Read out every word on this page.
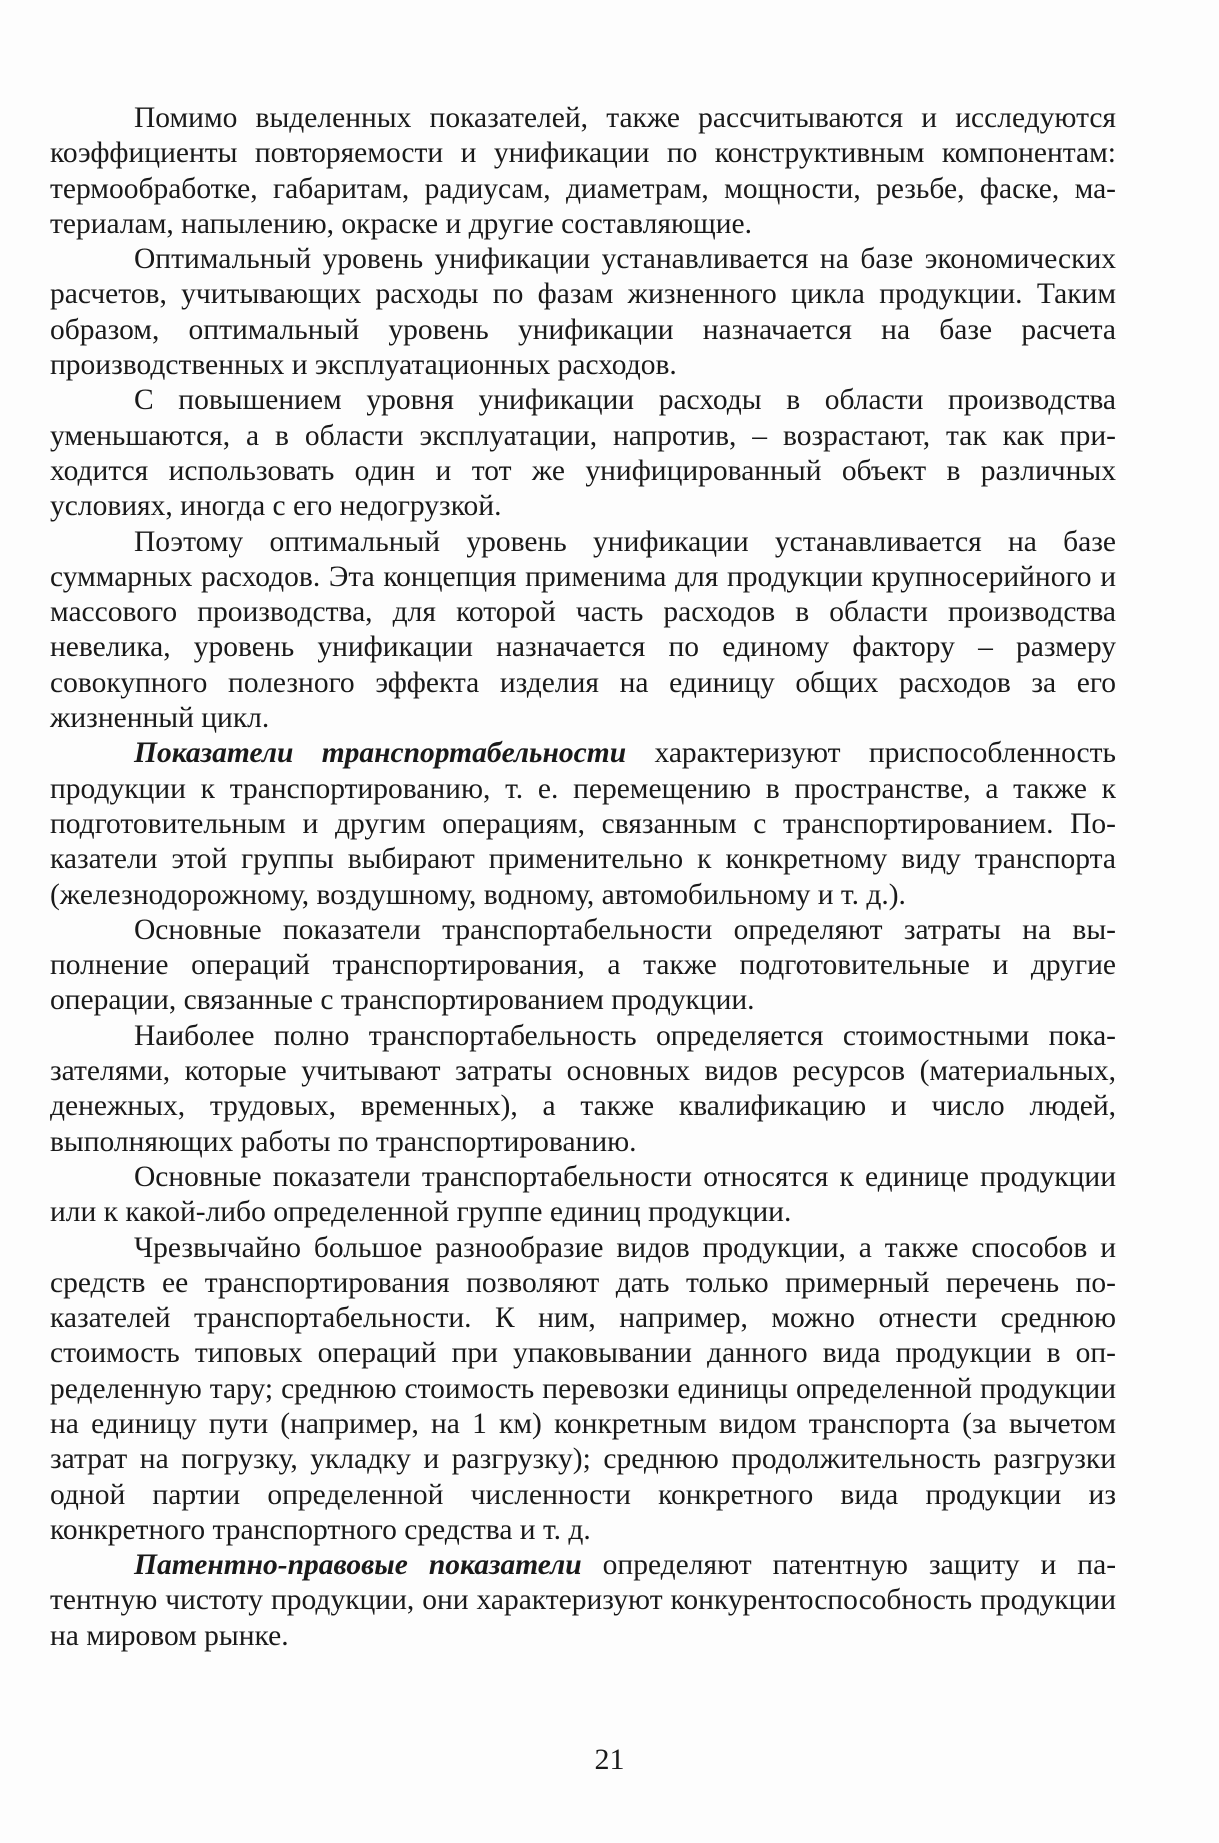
Помимо выделенных показателей, также рассчитываются и исследуются коэффициенты повторяемости и унификации по конструктивным компонентам: термообработке, габаритам, радиусам, диаметрам, мощности, резьбе, фаске, материалам, напылению, окраске и другие составляющие.

Оптимальный уровень унификации устанавливается на базе экономических расчетов, учитывающих расходы по фазам жизненного цикла продукции. Таким образом, оптимальный уровень унификации назначается на базе расчета производственных и эксплуатационных расходов.

С повышением уровня унификации расходы в области производства уменьшаются, а в области эксплуатации, напротив, – возрастают, так как приходится использовать один и тот же унифицированный объект в различных условиях, иногда с его недогрузкой.

Поэтому оптимальный уровень унификации устанавливается на базе суммарных расходов. Эта концепция применима для продукции крупносерийного и массового производства, для которой часть расходов в области производства невелика, уровень унификации назначается по единому фактору – размеру совокупного полезного эффекта изделия на единицу общих расходов за его жизненный цикл.

Показатели транспортабельности характеризуют приспособленность продукции к транспортированию, т. е. перемещению в пространстве, а также к подготовительным и другим операциям, связанным с транспортированием. Показатели этой группы выбирают применительно к конкретному виду транспорта (железнодорожному, воздушному, водному, автомобильному и т. д.).

Основные показатели транспортабельности определяют затраты на выполнение операций транспортирования, а также подготовительные и другие операции, связанные с транспортированием продукции.

Наиболее полно транспортабельность определяется стоимостными показателями, которые учитывают затраты основных видов ресурсов (материальных, денежных, трудовых, временных), а также квалификацию и число людей, выполняющих работы по транспортированию.

Основные показатели транспортабельности относятся к единице продукции или к какой-либо определенной группе единиц продукции.

Чрезвычайно большое разнообразие видов продукции, а также способов и средств ее транспортирования позволяют дать только примерный перечень показателей транспортабельности. К ним, например, можно отнести среднюю стоимость типовых операций при упаковывании данного вида продукции в определенную тару; среднюю стоимость перевозки единицы определенной продукции на единицу пути (например, на 1 км) конкретным видом транспорта (за вычетом затрат на погрузку, укладку и разгрузку); среднюю продолжительность разгрузки одной партии определенной численности конкретного вида продукции из конкретного транспортного средства и т. д.

Патентно-правовые показатели определяют патентную защиту и патентную чистоту продукции, они характеризуют конкурентоспособность продукции на мировом рынке.

21
